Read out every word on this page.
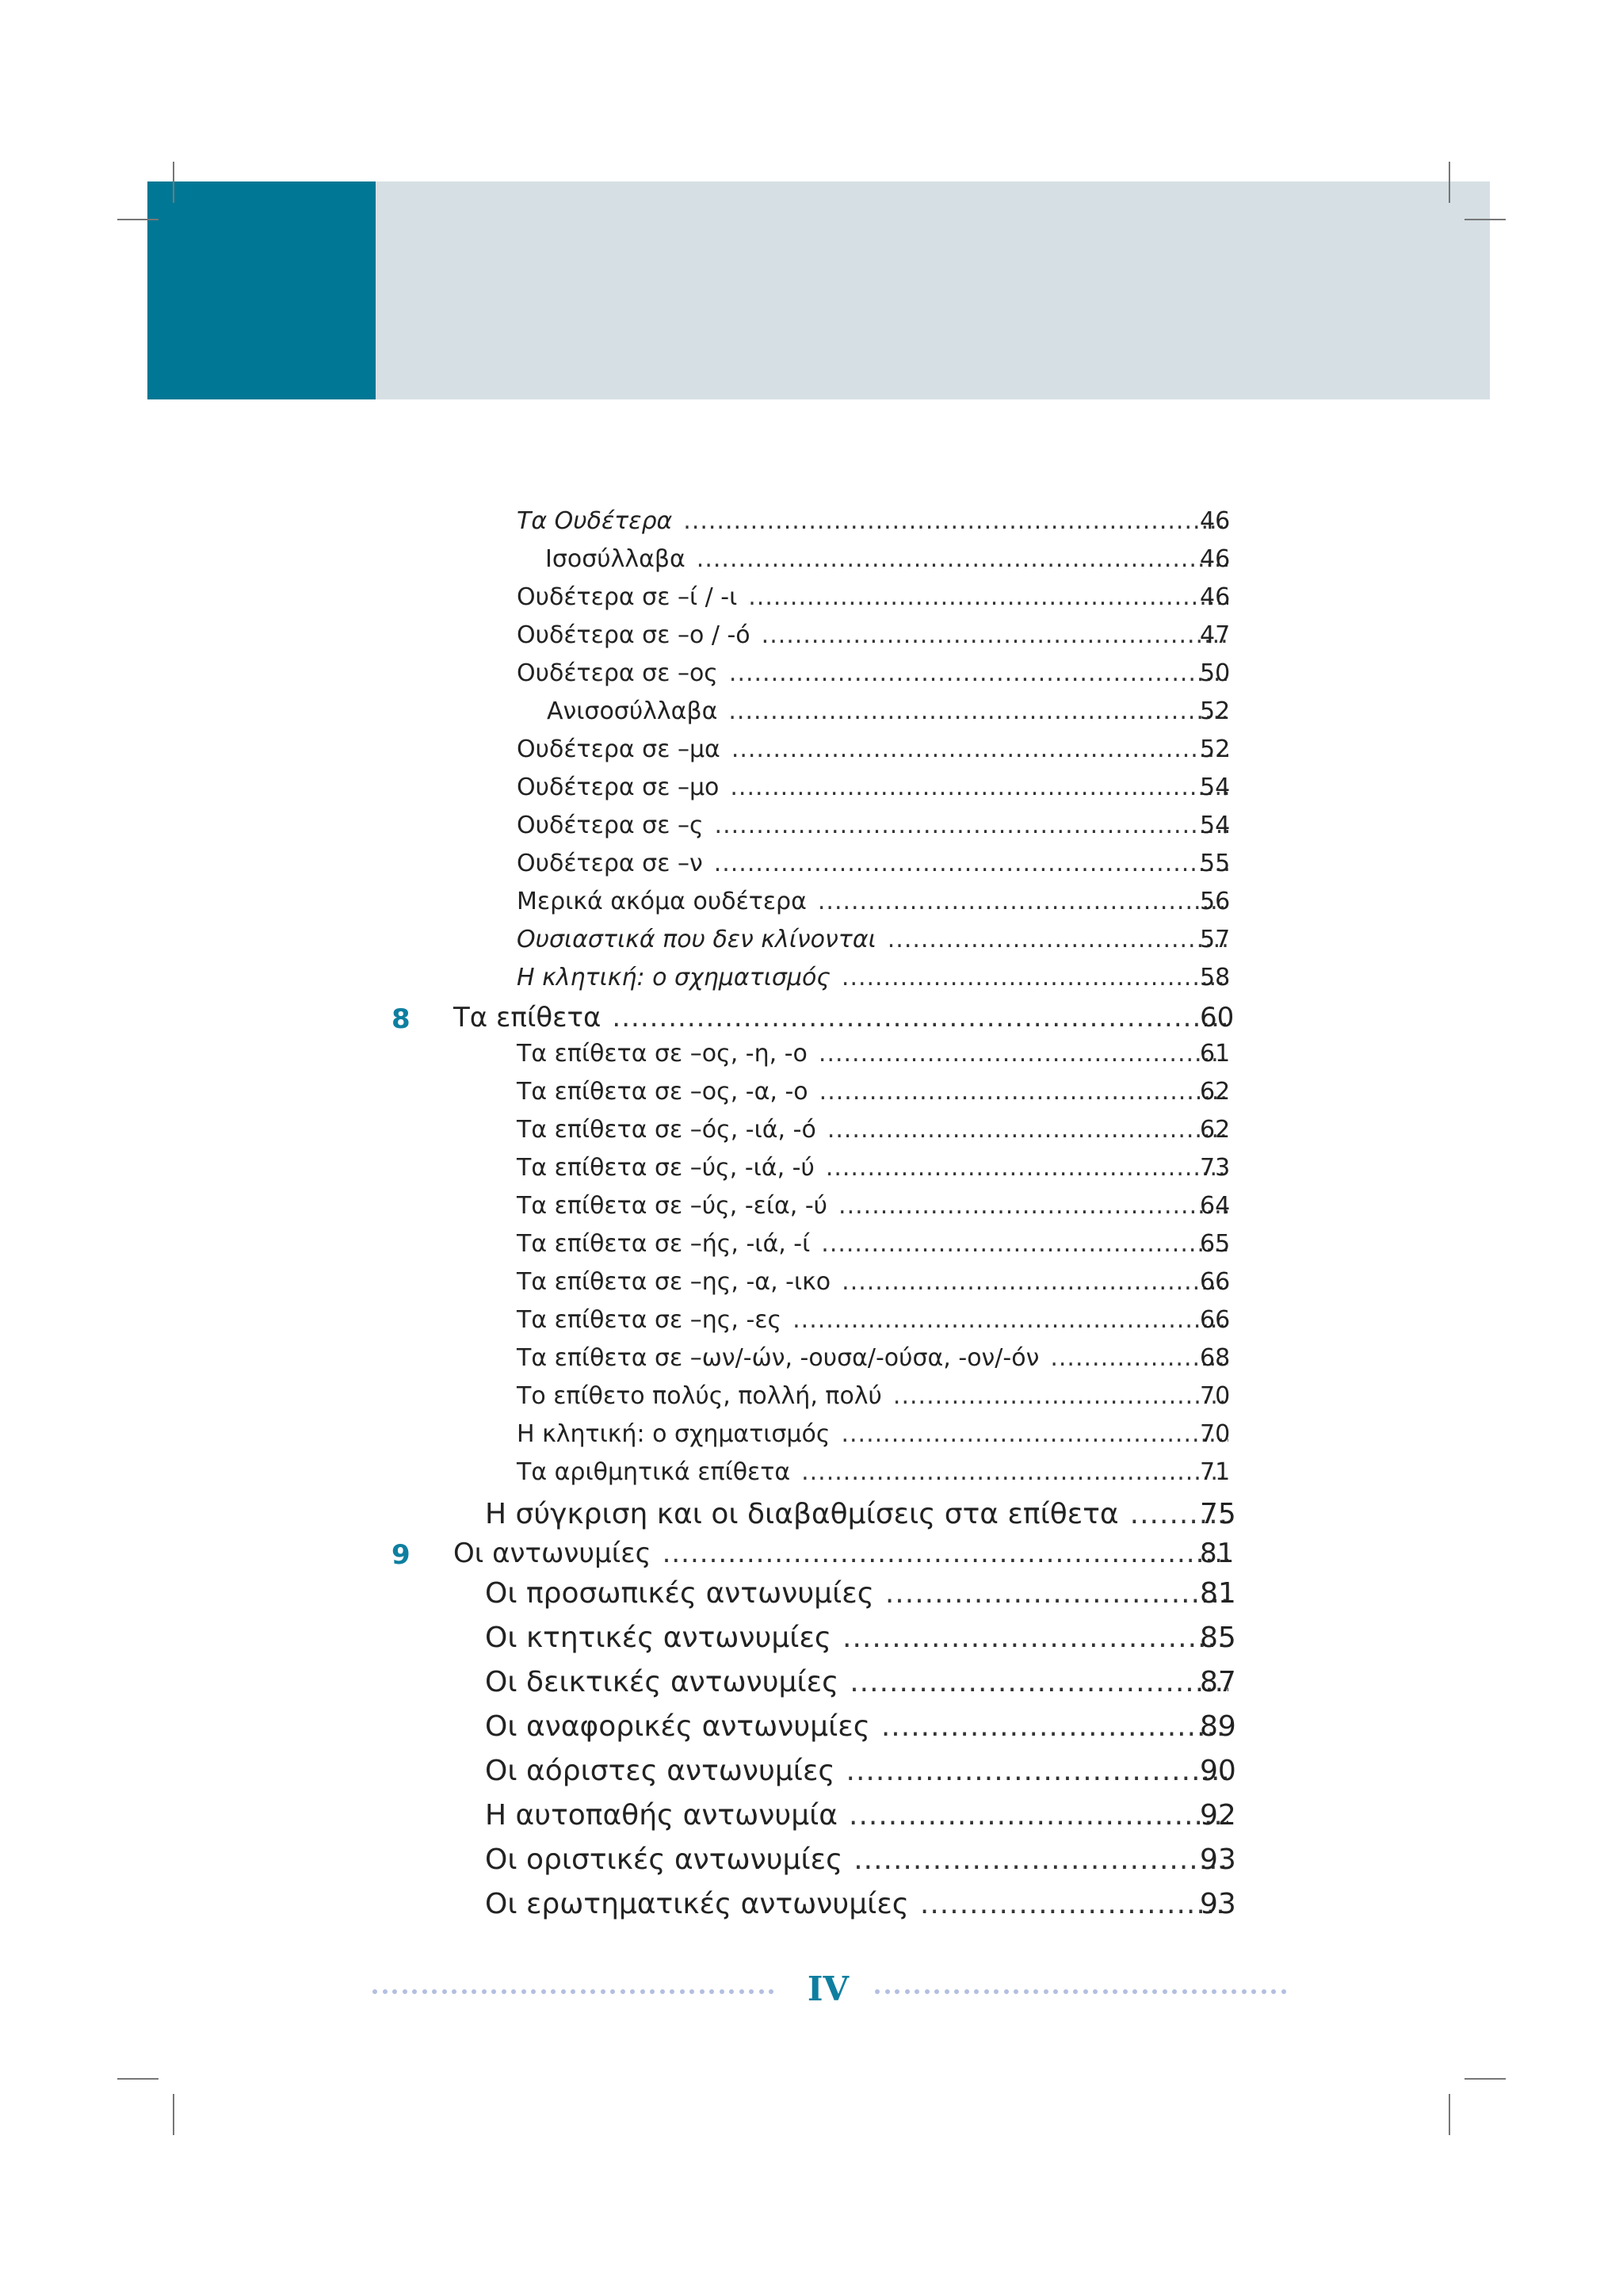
Τα Ουδέτερα .....	46
Ισοσύλλαβα .....	46
Ουδέτερα σε –ί / -ι .....	46
Ουδέτερα σε –ο / -ό .....	47
Ουδέτερα σε –ος .....	50
Ανισοσύλλαβα .....	52
Ουδέτερα σε –μα .....	52
Ουδέτερα σε –μο .....	54
Ουδέτερα σε –ς .....	54
Ουδέτερα σε –ν .....	55
Μερικά ακόμα ουδέτερα .....	56
Ουσιαστικά που δεν κλίνονται .....	57
Η κλητική: ο σχηματισμός .....	58
8 Τα επίθετα .....	60
Τα επίθετα σε –ος, -η, -ο .....	61
Τα επίθετα σε –ος, -α, -ο .....	62
Τα επίθετα σε –ός, -ιά, -ό .....	62
Τα επίθετα σε –ύς, -ιά, -ύ .....	73
Τα επίθετα σε –ύς, -εία, -ύ .....	64
Τα επίθετα σε –ής, -ιά, -ί .....	65
Τα επίθετα σε –ης, -α, -ικο .....	66
Τα επίθετα σε –ης, -ες .....	66
Τα επίθετα σε –ων/-ών, -ουσα/-ούσα, -ον/-όν .....	68
Το επίθετο πολύς, πολλή, πολύ .....	70
Η κλητική: ο σχηματισμός .....	70
Τα αριθμητικά επίθετα .....	71
Η σύγκριση και οι διαβαθμίσεις στα επίθετα .....	75
9 Οι αντωνυμίες .....	81
Οι προσωπικές αντωνυμίες .....	81
Οι κτητικές αντωνυμίες .....	85
Οι δεικτικές αντωνυμίες .....	87
Οι αναφορικές αντωνυμίες .....	89
Οι αόριστες αντωνυμίες .....	90
Η αυτοπαθής αντωνυμία .....	92
Οι οριστικές αντωνυμίες .....	93
Οι ερωτηματικές αντωνυμίες .....	93
IV
